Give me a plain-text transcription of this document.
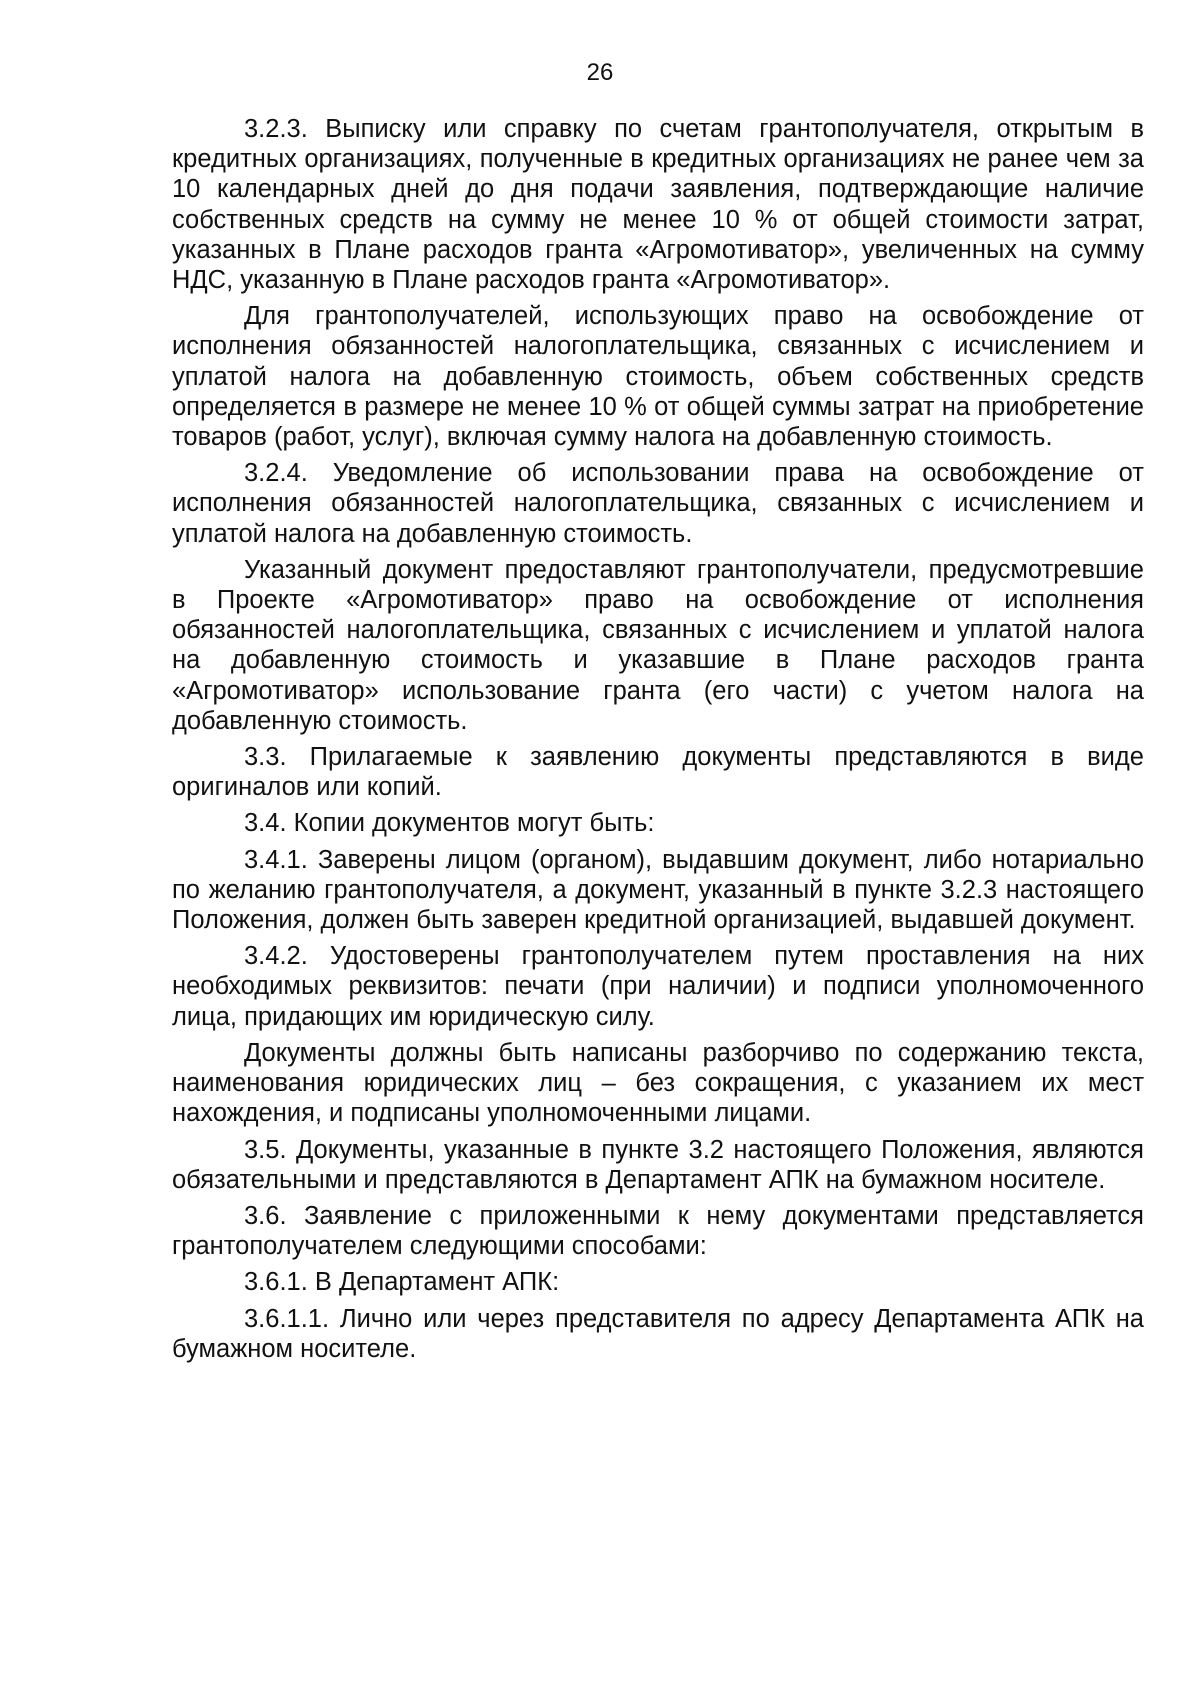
26

3.2.3. Выписку или справку по счетам грантополучателя, открытым в кредитных организациях, полученные в кредитных организациях не ранее чем за 10 календарных дней до дня подачи заявления, подтверждающие наличие собственных средств на сумму не менее 10 % от общей стоимости затрат, указанных в Плане расходов гранта «Агромотиватор», увеличенных на сумму НДС, указанную в Плане расходов гранта «Агромотиватор».

Для грантополучателей, использующих право на освобождение от исполнения обязанностей налогоплательщика, связанных с исчислением и уплатой налога на добавленную стоимость, объем собственных средств определяется в размере не менее 10 % от общей суммы затрат на приобретение товаров (работ, услуг), включая сумму налога на добавленную стоимость.

3.2.4. Уведомление об использовании права на освобождение от исполнения обязанностей налогоплательщика, связанных с исчислением и уплатой налога на добавленную стоимость.

Указанный документ предоставляют грантополучатели, предусмотревшие в Проекте «Агромотиватор» право на освобождение от исполнения обязанностей налогоплательщика, связанных с исчислением и уплатой налога на добавленную стоимость и указавшие в Плане расходов гранта «Агромотиватор» использование гранта (его части) с учетом налога на добавленную стоимость.

3.3. Прилагаемые к заявлению документы представляются в виде оригиналов или копий.

3.4. Копии документов могут быть:

3.4.1. Заверены лицом (органом), выдавшим документ, либо нотариально по желанию грантополучателя, а документ, указанный в пункте 3.2.3 настоящего Положения, должен быть заверен кредитной организацией, выдавшей документ.

3.4.2. Удостоверены грантополучателем путем проставления на них необходимых реквизитов: печати (при наличии) и подписи уполномоченного лица, придающих им юридическую силу.

Документы должны быть написаны разборчиво по содержанию текста, наименования юридических лиц – без сокращения, с указанием их мест нахождения, и подписаны уполномоченными лицами.

3.5. Документы, указанные в пункте 3.2 настоящего Положения, являются обязательными и представляются в Департамент АПК на бумажном носителе.

3.6. Заявление с приложенными к нему документами представляется грантополучателем следующими способами:

3.6.1. В Департамент АПК:

3.6.1.1. Лично или через представителя по адресу Департамента АПК на бумажном носителе.
